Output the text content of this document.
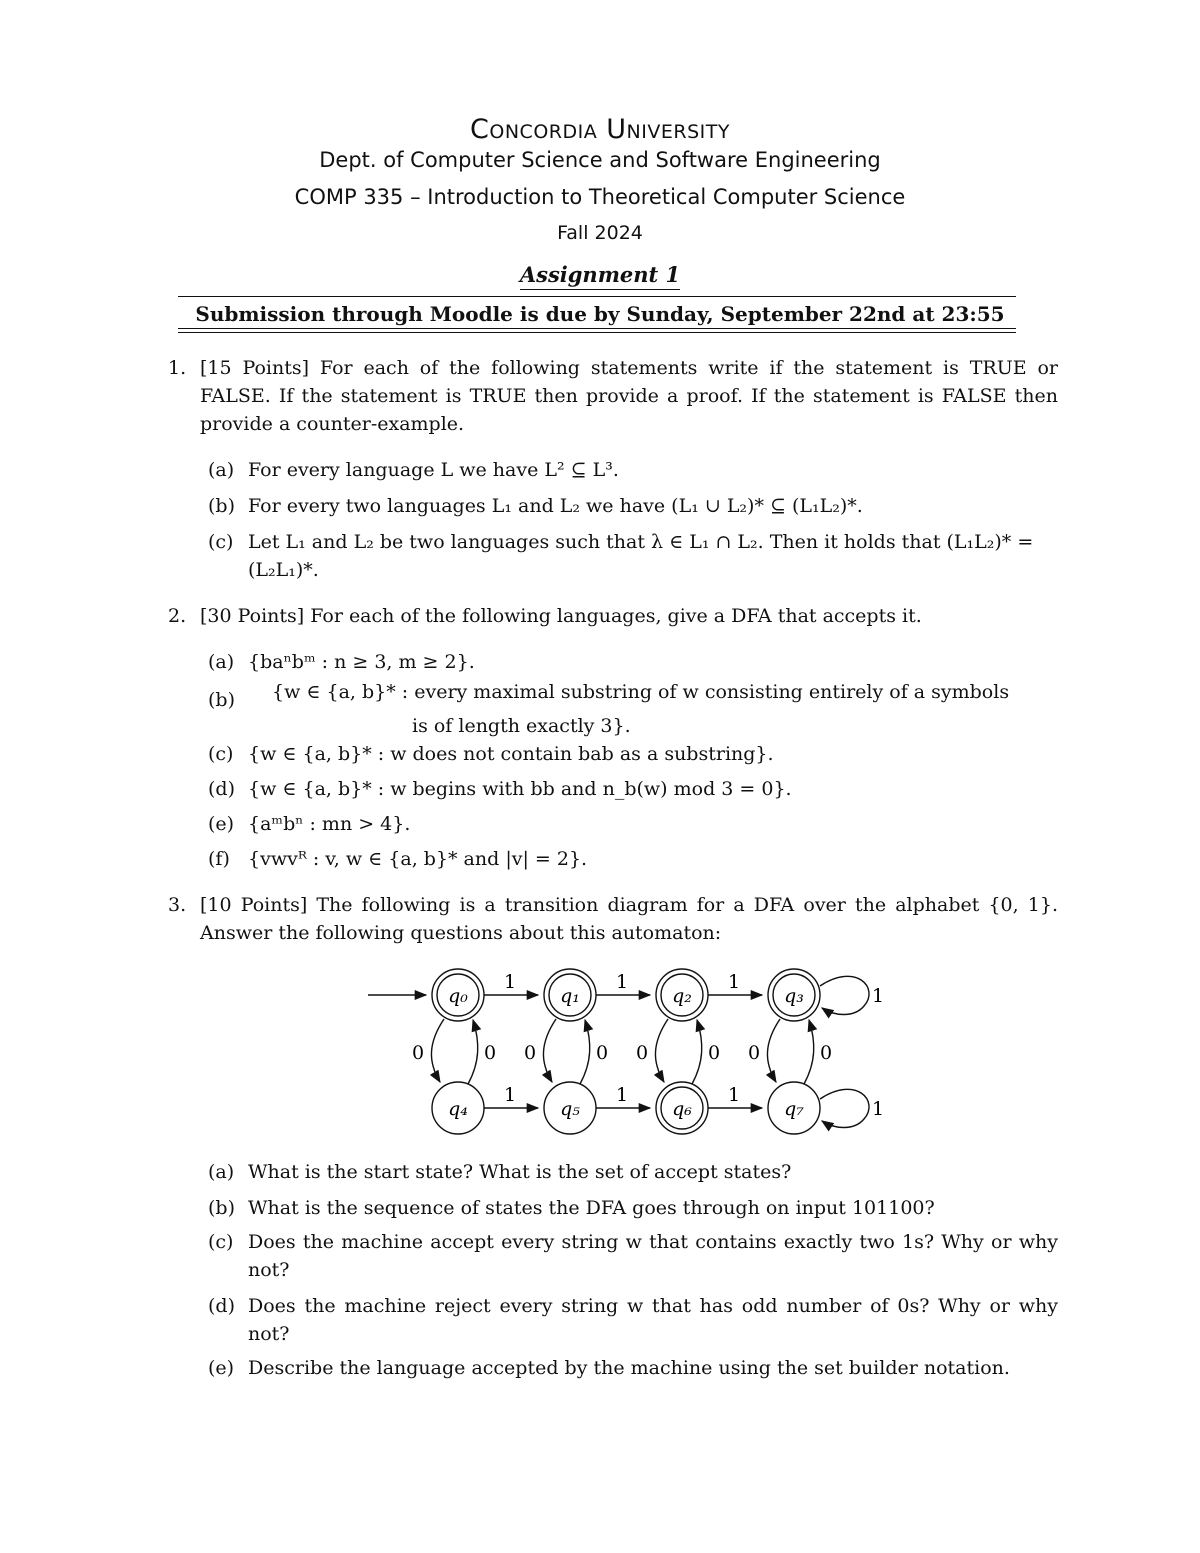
Concordia University
Dept. of Computer Science and Software Engineering
COMP 335 – Introduction to Theoretical Computer Science
Fall 2024
Assignment 1
Submission through Moodle is due by Sunday, September 22nd at 23:55
1. [15 Points] For each of the following statements write if the statement is TRUE or FALSE. If the statement is TRUE then provide a proof. If the statement is FALSE then provide a counter-example.
(a) For every language L we have L² ⊆ L³.
(b) For every two languages L₁ and L₂ we have (L₁ ∪ L₂)* ⊆ (L₁L₂)*.
(c) Let L₁ and L₂ be two languages such that λ ∈ L₁ ∩ L₂. Then it holds that (L₁L₂)* = (L₂L₁)*.
2. [30 Points] For each of the following languages, give a DFA that accepts it.
(a) {baⁿbᵐ : n ≥ 3, m ≥ 2}.
(b) {w ∈ {a, b}* : every maximal substring of w consisting entirely of a symbols
is of length exactly 3}.
(c) {w ∈ {a, b}* : w does not contain bab as a substring}.
(d) {w ∈ {a, b}* : w begins with bb and n_b(w) mod 3 = 0}.
(e) {aᵐbⁿ : mn > 4}.
(f) {vwvᴿ : v, w ∈ {a, b}* and |v| = 2}.
3. [10 Points] The following is a transition diagram for a DFA over the alphabet {0, 1}. Answer the following questions about this automaton:
1	1	1
1	1	1
0	0 0	0 0	0 0	0
1
1
q₀	q₁	q₂	q₃
q₄	q₅	q₆	q₇
(a) What is the start state? What is the set of accept states?
(b) What is the sequence of states the DFA goes through on input 101100?
(c) Does the machine accept every string w that contains exactly two 1s? Why or why not?
(d) Does the machine reject every string w that has odd number of 0s? Why or why not?
(e) Describe the language accepted by the machine using the set builder notation.
